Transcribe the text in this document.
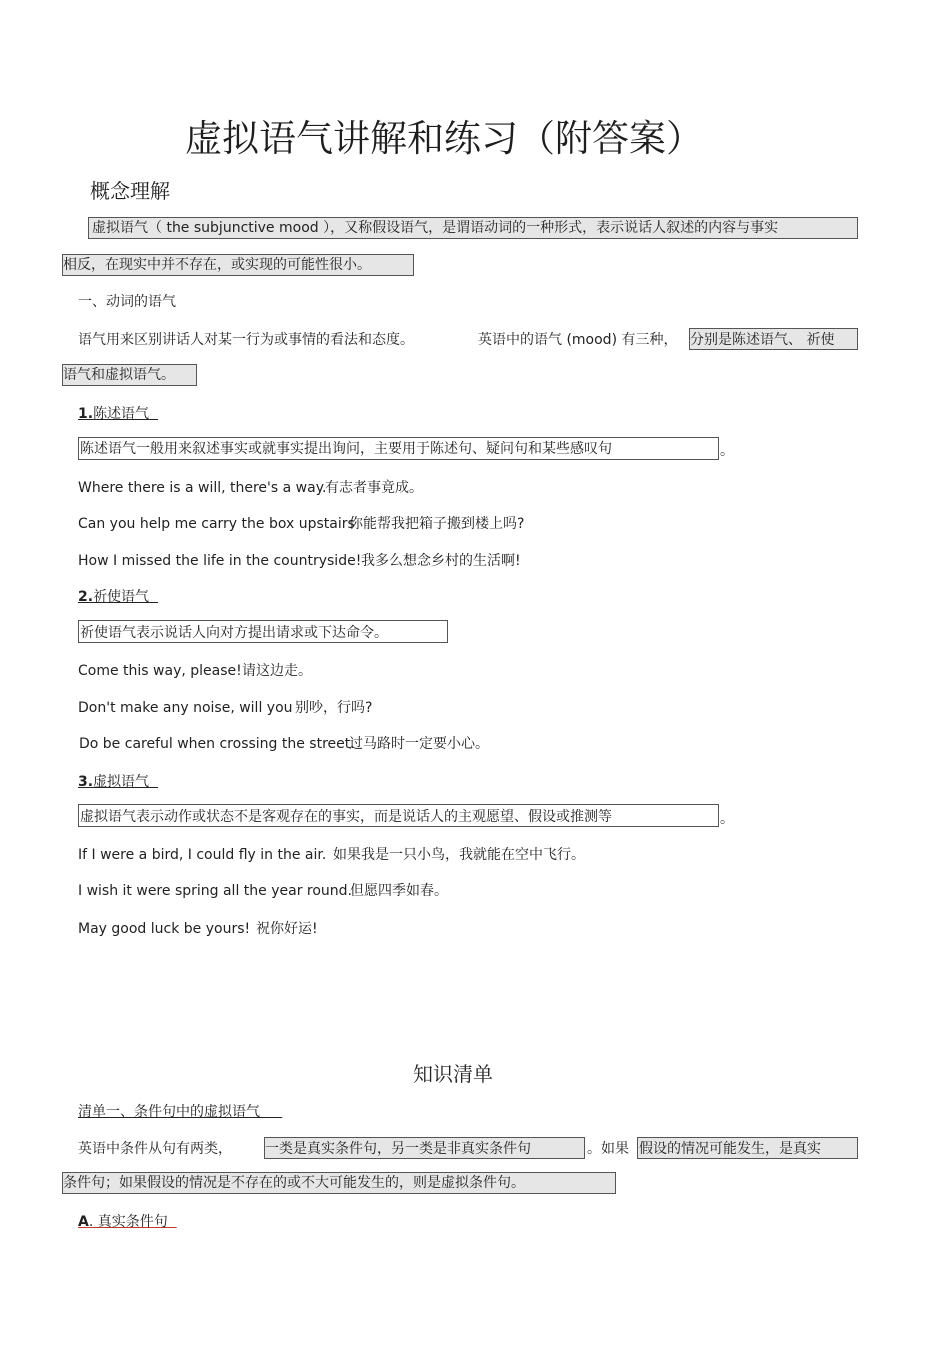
虚拟语气讲解和练习（附答案）
概念理解
虚拟语气（ the subjunctive mood ），又称假设语气，是谓语动词的一种形式，表示说话人叙述的内容与事实
相反，在现实中并不存在，或实现的可能性很小。
一、动词的语气
语气用来区别讲话人对某一行为或事情的看法和态度。	英语中的语气 (mood) 有三种， 分别是陈述语气、 祈使
语气和虚拟语气。
1.陈述语气
陈述语气一般用来叙述事实或就事实提出询问，主要用于陈述句、疑问句和某些感叹句	。
Where there is a will, there's a way.
有志者事竟成。
Can you help me carry the box upstairs
你能帮我把箱子搬到楼上吗?
How I missed the life in the countryside! 我多么想念乡村的生活啊!
2.祈使语气
祈使语气表示说话人向对方提出请求或下达命令。
Come this way, please! 请这边走。
Don't make any noise, will you 别吵，行吗?
Do be careful when crossing the street.
过马路时一定要小心。
3.虚拟语气
虚拟语气表示动作或状态不是客观存在的事实，而是说话人的主观愿望、假设或推测等	。
If I were a bird, I could fly in the air. 如果我是一只小鸟，我就能在空中飞行。
I wish it were spring all the year round.
但愿四季如春。
May good luck be yours! 祝你好运!
知识清单
清单一、条件句中的虚拟语气
英语中条件从句有两类， 一类是真实条件句，另一类是非真实条件句	。如果 假设的情况可能发生，是真实
条件句；如果假设的情况是不存在的或不大可能发生的，则是虚拟条件句。
A. 真实条件句
